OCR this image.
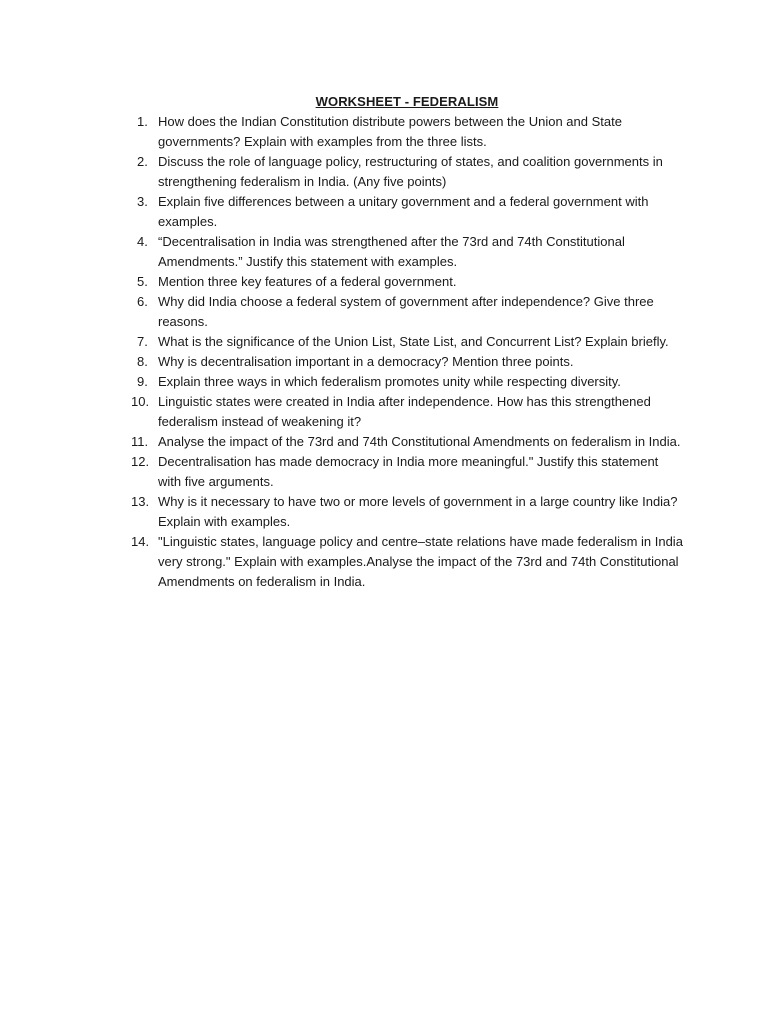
WORKSHEET - FEDERALISM
1. How does the Indian Constitution distribute powers between the Union and State governments? Explain with examples from the three lists.
2. Discuss the role of language policy, restructuring of states, and coalition governments in strengthening federalism in India. (Any five points)
3. Explain five differences between a unitary government and a federal government with examples.
4. “Decentralisation in India was strengthened after the 73rd and 74th Constitutional Amendments.” Justify this statement with examples.
5. Mention three key features of a federal government.
6. Why did India choose a federal system of government after independence? Give three reasons.
7. What is the significance of the Union List, State List, and Concurrent List? Explain briefly.
8. Why is decentralisation important in a democracy? Mention three points.
9. Explain three ways in which federalism promotes unity while respecting diversity.
10. Linguistic states were created in India after independence. How has this strengthened federalism instead of weakening it?
11. Analyse the impact of the 73rd and 74th Constitutional Amendments on federalism in India.
12. Decentralisation has made democracy in India more meaningful." Justify this statement with five arguments.
13. Why is it necessary to have two or more levels of government in a large country like India? Explain with examples.
14. "Linguistic states, language policy and centre–state relations have made federalism in India very strong." Explain with examples.Analyse the impact of the 73rd and 74th Constitutional Amendments on federalism in India.
